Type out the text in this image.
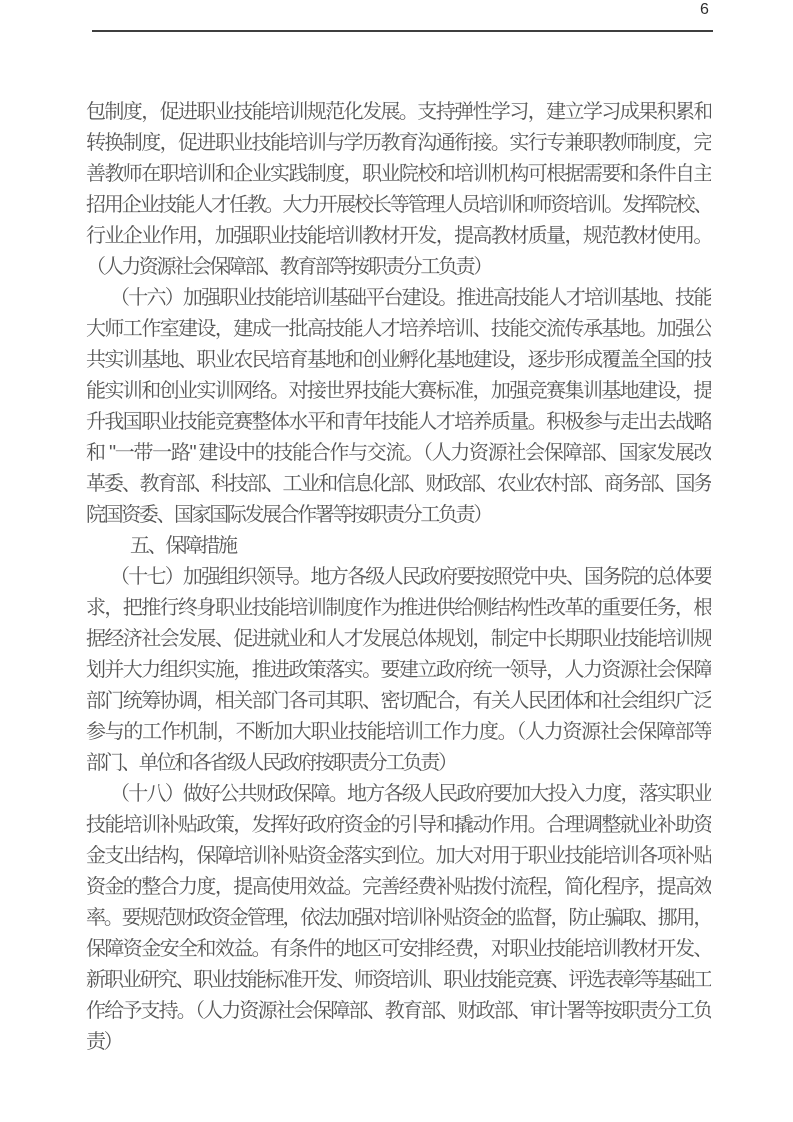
6
包制度，促进职业技能培训规范化发展。支持弹性学习，建立学习成果积累和
转换制度，促进职业技能培训与学历教育沟通衔接。实行专兼职教师制度，完
善教师在职培训和企业实践制度，职业院校和培训机构可根据需要和条件自主
招用企业技能人才任教。大力开展校长等管理人员培训和师资培训。发挥院校、
行业企业作用，加强职业技能培训教材开发，提高教材质量，规范教材使用。
（人力资源社会保障部、教育部等按职责分工负责）
（十六）加强职业技能培训基础平台建设。推进高技能人才培训基地、技能
大师工作室建设，建成一批高技能人才培养培训、技能交流传承基地。加强公
共实训基地、职业农民培育基地和创业孵化基地建设，逐步形成覆盖全国的技
能实训和创业实训网络。对接世界技能大赛标准，加强竞赛集训基地建设，提
升我国职业技能竞赛整体水平和青年技能人才培养质量。积极参与走出去战略
和 "一带一路" 建设中的技能合作与交流。（人力资源社会保障部、国家发展改
革委、教育部、科技部、工业和信息化部、财政部、农业农村部、商务部、国务
院国资委、国家国际发展合作署等按职责分工负责）
五、保障措施
（十七）加强组织领导。地方各级人民政府要按照党中央、国务院的总体要
求，把推行终身职业技能培训制度作为推进供给侧结构性改革的重要任务，根
据经济社会发展、促进就业和人才发展总体规划，制定中长期职业技能培训规
划并大力组织实施，推进政策落实。要建立政府统一领导，人力资源社会保障
部门统筹协调，相关部门各司其职、密切配合，有关人民团体和社会组织广泛
参与的工作机制，不断加大职业技能培训工作力度。（人力资源社会保障部等
部门、单位和各省级人民政府按职责分工负责）
（十八）做好公共财政保障。地方各级人民政府要加大投入力度，落实职业
技能培训补贴政策，发挥好政府资金的引导和撬动作用。合理调整就业补助资
金支出结构，保障培训补贴资金落实到位。加大对用于职业技能培训各项补贴
资金的整合力度，提高使用效益。完善经费补贴拨付流程，简化程序，提高效
率。要规范财政资金管理，依法加强对培训补贴资金的监督，防止骗取、挪用，
保障资金安全和效益。有条件的地区可安排经费，对职业技能培训教材开发、
新职业研究、职业技能标准开发、师资培训、职业技能竞赛、评选表彰等基础工
作给予支持。（人力资源社会保障部、教育部、财政部、审计署等按职责分工负
责）
